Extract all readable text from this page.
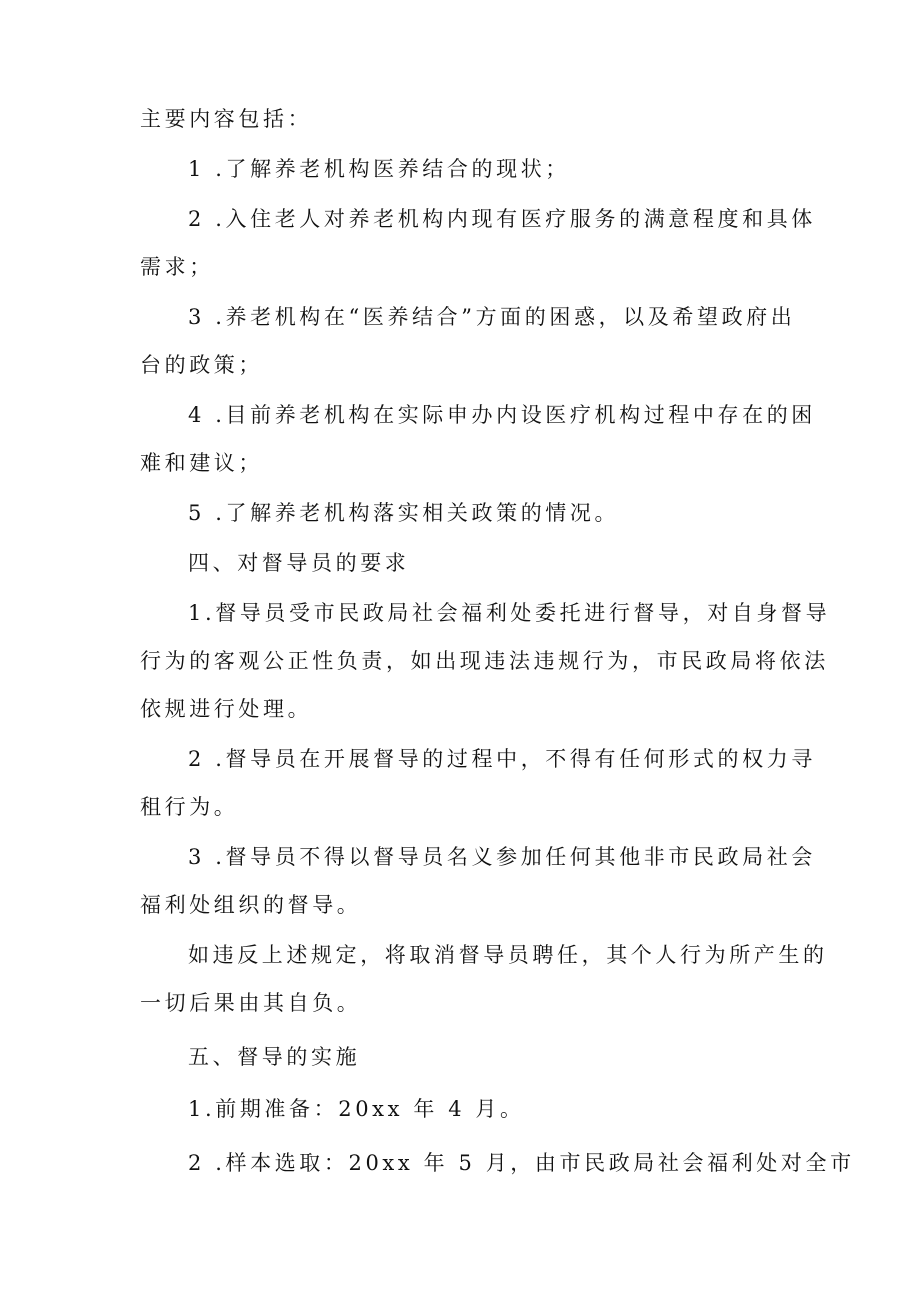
主要内容包括：
1 .了解养老机构医养结合的现状；
2 .入住老人对养老机构内现有医疗服务的满意程度和具体
需求；
3 .养老机构在“医养结合”方面的困惑，以及希望政府出
台的政策；
4 .目前养老机构在实际申办内设医疗机构过程中存在的困
难和建议；
5 .了解养老机构落实相关政策的情况。
四、对督导员的要求
1.督导员受市民政局社会福利处委托进行督导，对自身督导
行为的客观公正性负责，如出现违法违规行为，市民政局将依法
依规进行处理。
2 .督导员在开展督导的过程中，不得有任何形式的权力寻
租行为。
3 .督导员不得以督导员名义参加任何其他非市民政局社会
福利处组织的督导。
如违反上述规定，将取消督导员聘任，其个人行为所产生的
一切后果由其自负。
五、督导的实施
1.前期准备：20xx 年 4 月。
2 .样本选取：20xx 年 5 月，由市民政局社会福利处对全市
